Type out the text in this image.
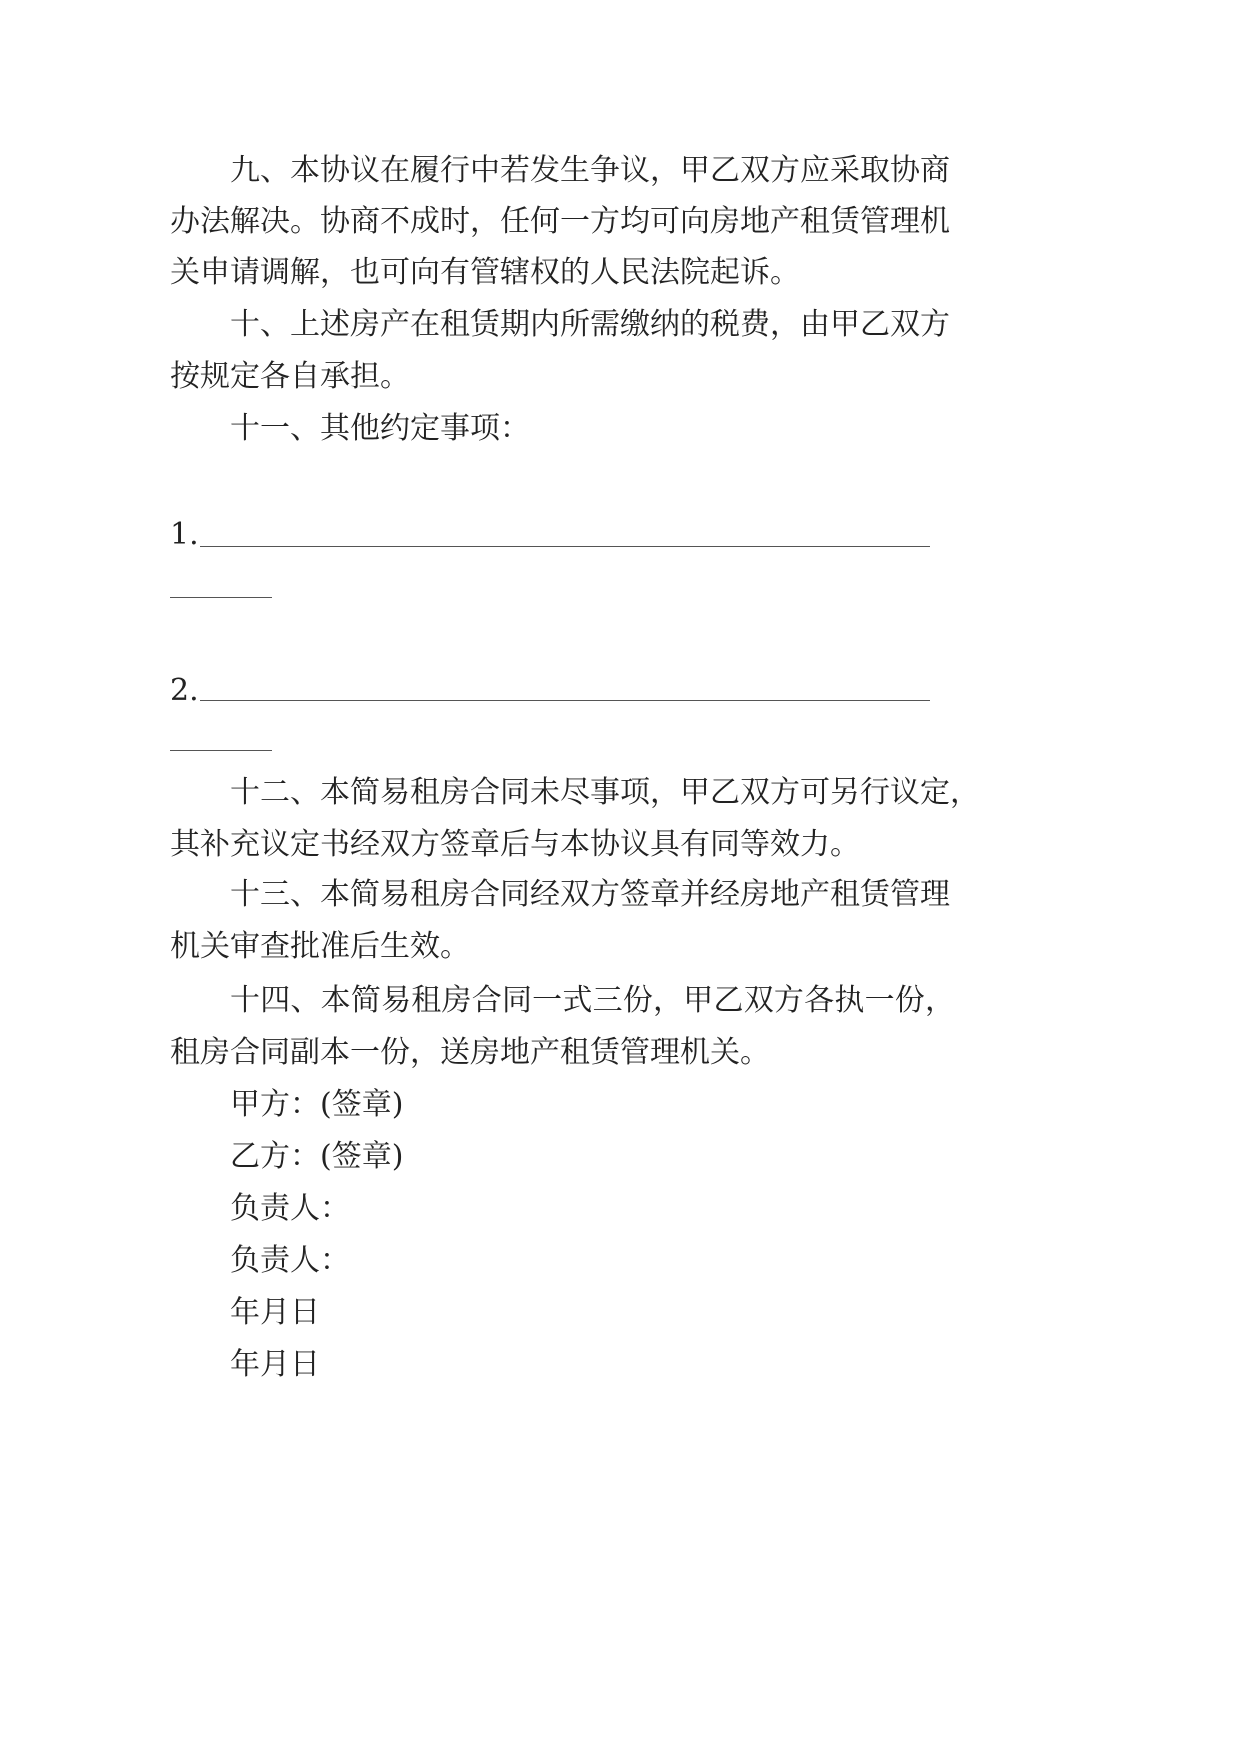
九、本协议在履行中若发生争议，甲乙双方应采取协商
办法解决。协商不成时，任何一方均可向房地产租赁管理机
关申请调解，也可向有管辖权的人民法院起诉。
十、上述房产在租赁期内所需缴纳的税费，由甲乙双方
按规定各自承担。
十一、其他约定事项：
1.
2.
十二、本简易租房合同未尽事项，甲乙双方可另行议定，
其补充议定书经双方签章后与本协议具有同等效力。
十三、本简易租房合同经双方签章并经房地产租赁管理
机关审查批准后生效。
十四、本简易租房合同一式三份，甲乙双方各执一份，
租房合同副本一份，送房地产租赁管理机关。
甲方：(签章)
乙方：(签章)
负责人：
负责人：
年月日
年月日
